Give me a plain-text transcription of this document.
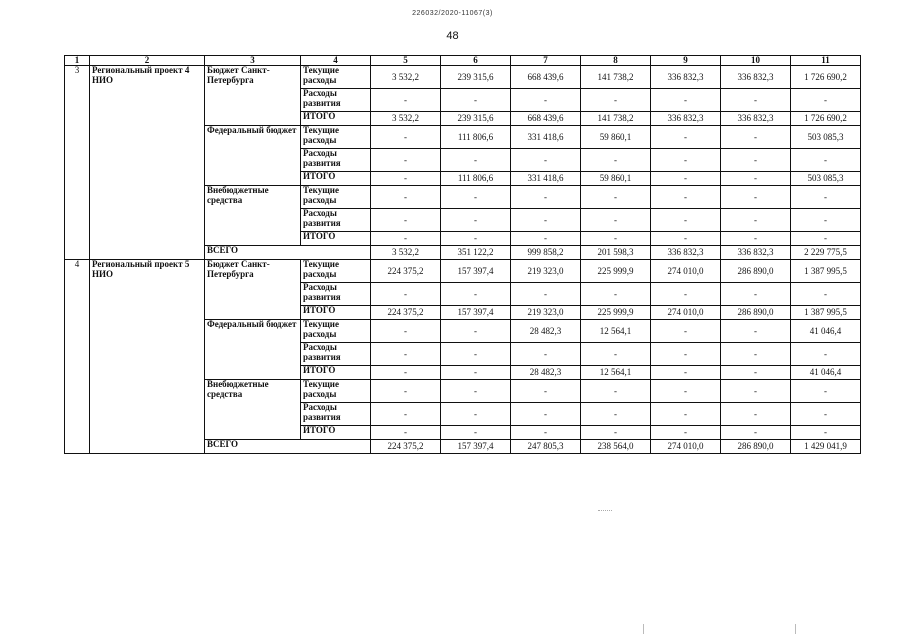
226032/2020-11067(3)
48
1	2	3	4	5	6	7	8	9	10	11
3	Региональный проект 4 НИО	Бюджет Санкт-Петербурга	Текущие расходы	3 532,2	239 315,6	668 439,6	141 738,2	336 832,3	336 832,3	1 726 690,2
			Расходы развития	-	-	-	-	-	-	-
			ИТОГО	3 532,2	239 315,6	668 439,6	141 738,2	336 832,3	336 832,3	1 726 690,2
		Федеральный бюджет	Текущие расходы	-	111 806,6	331 418,6	59 860,1	-	-	503 085,3
			Расходы развития	-	-	-	-	-	-	-
			ИТОГО	-	111 806,6	331 418,6	59 860,1	-	-	503 085,3
		Внебюджетные средства	Текущие расходы	-	-	-	-	-	-	-
			Расходы развития	-	-	-	-	-	-	-
			ИТОГО	-	-	-	-	-	-	-
		ВСЕГО		3 532,2	351 122,2	999 858,2	201 598,3	336 832,3	336 832,3	2 229 775,5
4	Региональный проект 5 НИО	Бюджет Санкт-Петербурга	Текущие расходы	224 375,2	157 397,4	219 323,0	225 999,9	274 010,0	286 890,0	1 387 995,5
			Расходы развития	-	-	-	-	-	-	-
			ИТОГО	224 375,2	157 397,4	219 323,0	225 999,9	274 010,0	286 890,0	1 387 995,5
		Федеральный бюджет	Текущие расходы	-	-	28 482,3	12 564,1	-	-	41 046,4
			Расходы развития	-	-	-	-	-	-	-
			ИТОГО	-	-	28 482,3	12 564,1	-	-	41 046,4
		Внебюджетные средства	Текущие расходы	-	-	-	-	-	-	-
			Расходы развития	-	-	-	-	-	-	-
			ИТОГО	-	-	-	-	-	-	-
		ВСЕГО		224 375,2	157 397,4	247 805,3	238 564,0	274 010,0	286 890,0	1 429 041,9
